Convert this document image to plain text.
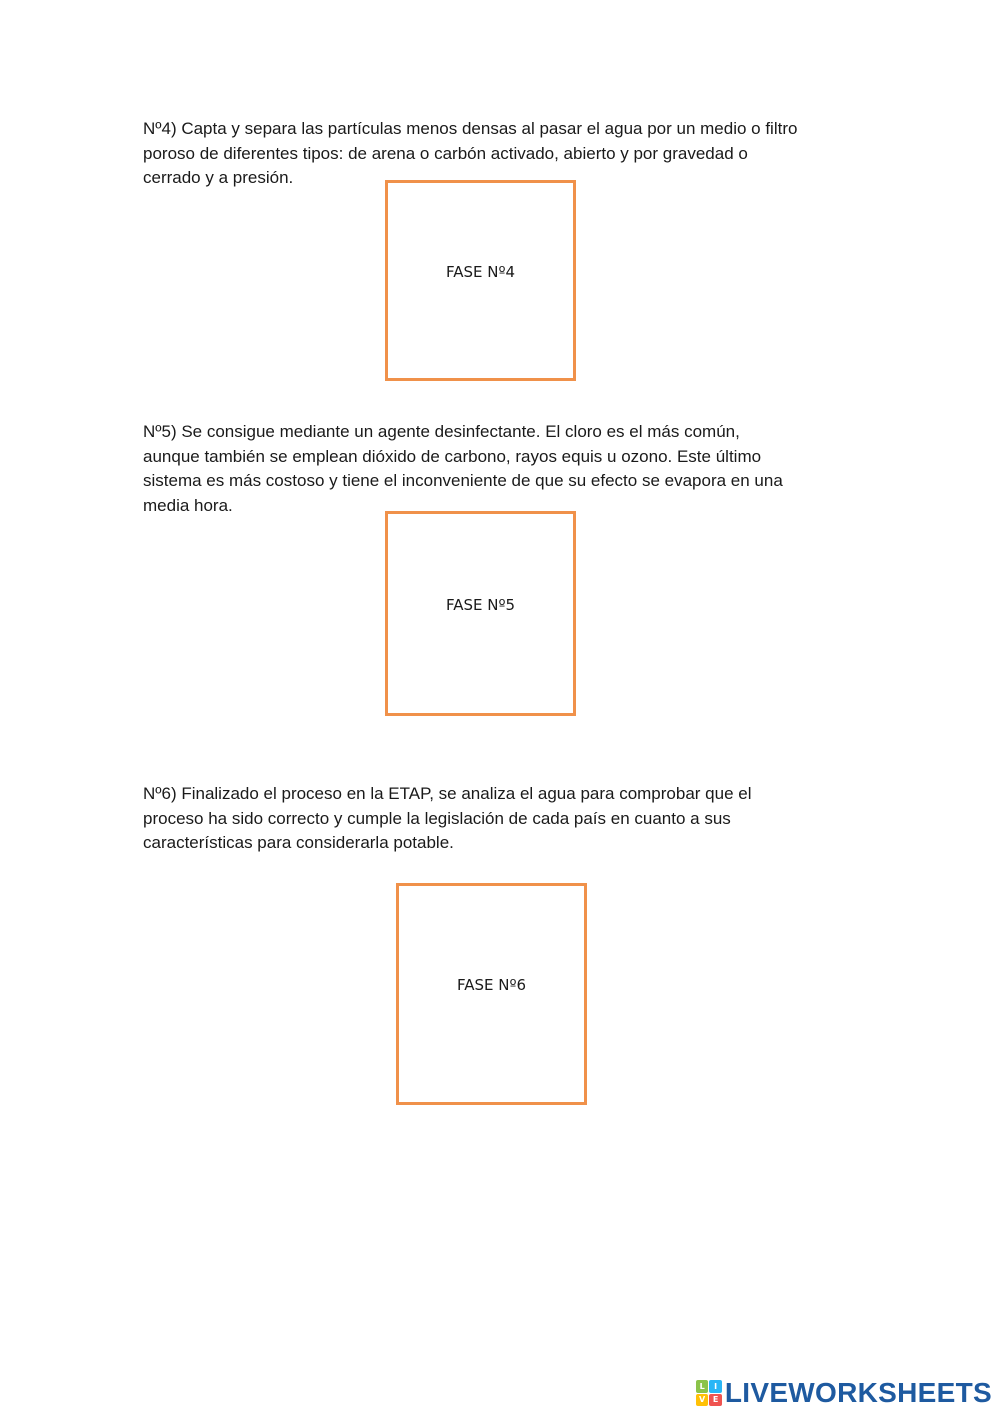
Nº4) Capta y separa las partículas menos densas al pasar el agua por un medio o filtro
poroso de diferentes tipos: de arena o carbón activado, abierto y por gravedad o
cerrado y a presión.

FASE Nº4

Nº5) Se consigue mediante un agente desinfectante. El cloro es el más común,
aunque también se emplean dióxido de carbono, rayos equis u ozono. Este último
sistema es más costoso y tiene el inconveniente de que su efecto se evapora en una
media hora.

FASE Nº5

Nº6) Finalizado el proceso en la ETAP, se analiza el agua para comprobar que el
proceso ha sido correcto y cumple la legislación de cada país en cuanto a sus
características para considerarla potable.

FASE Nº6
L	I
V E LIVEWORKSHEETS
